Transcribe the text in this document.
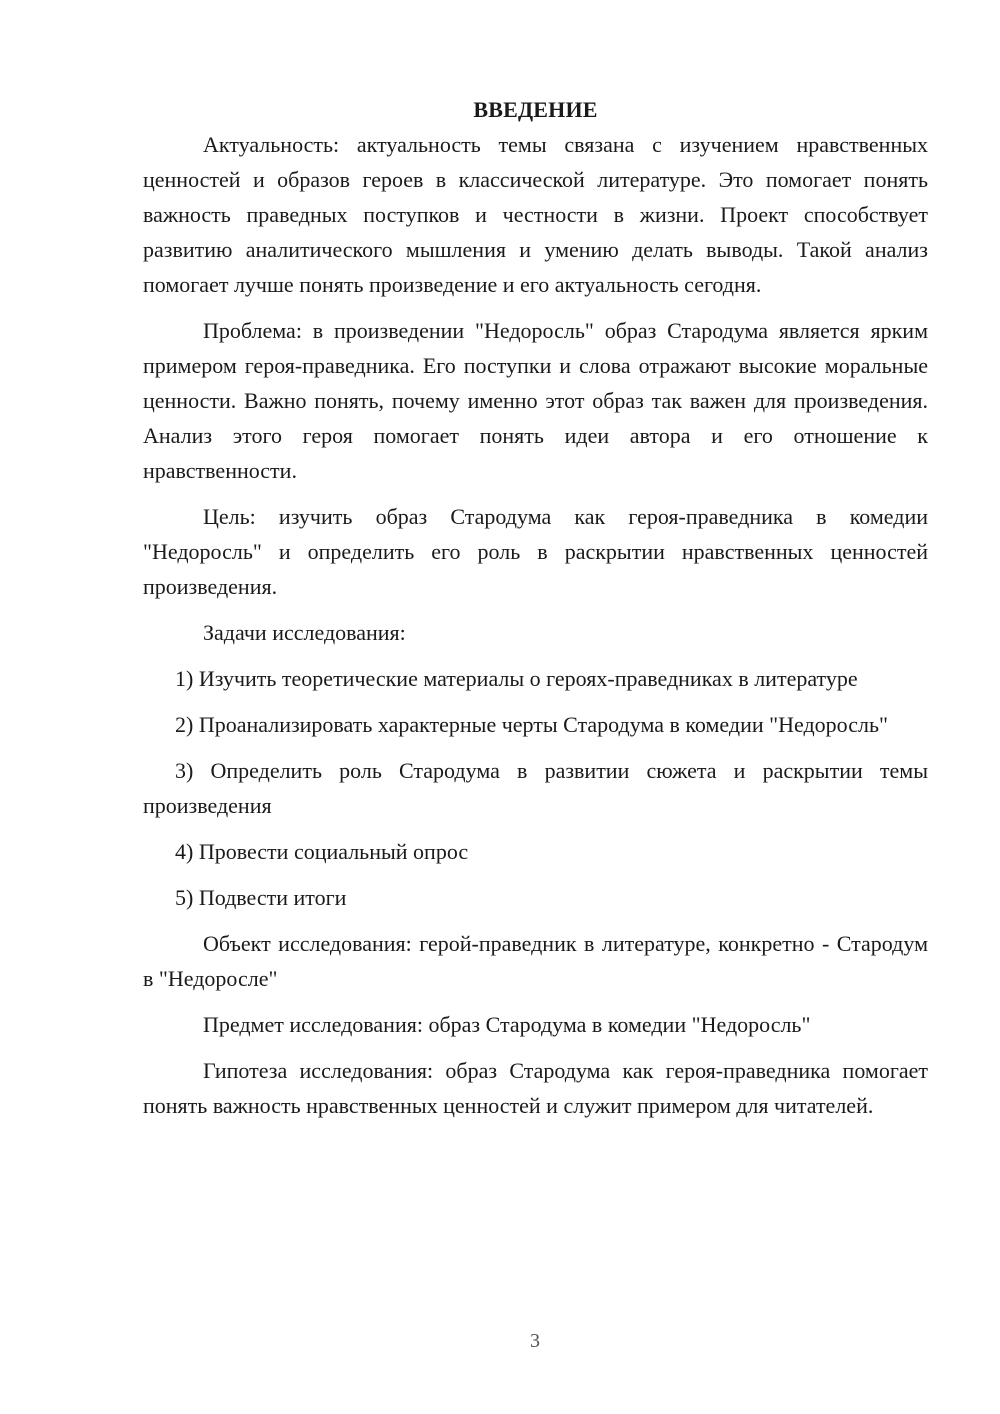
ВВЕДЕНИЕ

Актуальность: актуальность темы связана с изучением нравственных ценностей и образов героев в классической литературе. Это помогает понять важность праведных поступков и честности в жизни. Проект способствует развитию аналитического мышления и умению делать выводы. Такой анализ помогает лучше понять произведение и его актуальность сегодня.

Проблема: в произведении "Недоросль" образ Стародума является ярким примером героя-праведника. Его поступки и слова отражают высокие моральные ценности. Важно понять, почему именно этот образ так важен для произведения. Анализ этого героя помогает понять идеи автора и его отношение к нравственности.

Цель: изучить образ Стародума как героя-праведника в комедии "Недоросль" и определить его роль в раскрытии нравственных ценностей произведения.

Задачи исследования:

1) Изучить теоретические материалы о героях-праведниках в литературе

2) Проанализировать характерные черты Стародума в комедии "Недоросль"

3) Определить роль Стародума в развитии сюжета и раскрытии темы произведения

4) Провести социальный опрос

5) Подвести итоги

Объект исследования: герой-праведник в литературе, конкретно - Стародум в "Недоросле"

Предмет исследования: образ Стародума в комедии "Недоросль"

Гипотеза исследования: образ Стародума как героя-праведника помогает понять важность нравственных ценностей и служит примером для читателей.

3
